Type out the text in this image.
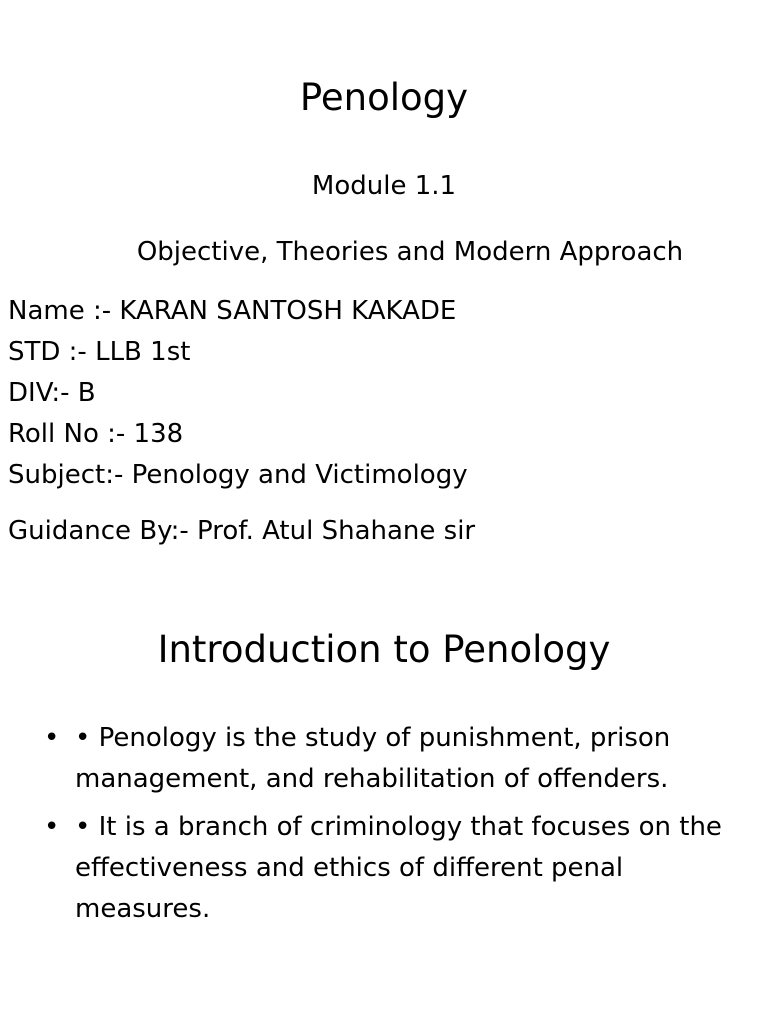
Penology
Module 1.1
Objective, Theories and Modern Approach
Name :- KARAN SANTOSH KAKADE
STD :- LLB 1st
DIV:- B
Roll No :- 138
Subject:- Penology and Victimology
Guidance By:- Prof. Atul Shahane sir
Introduction to Penology
• • Penology is the study of punishment, prison management, and rehabilitation of offenders.
• • It is a branch of criminology that focuses on the effectiveness and ethics of different penal measures.
